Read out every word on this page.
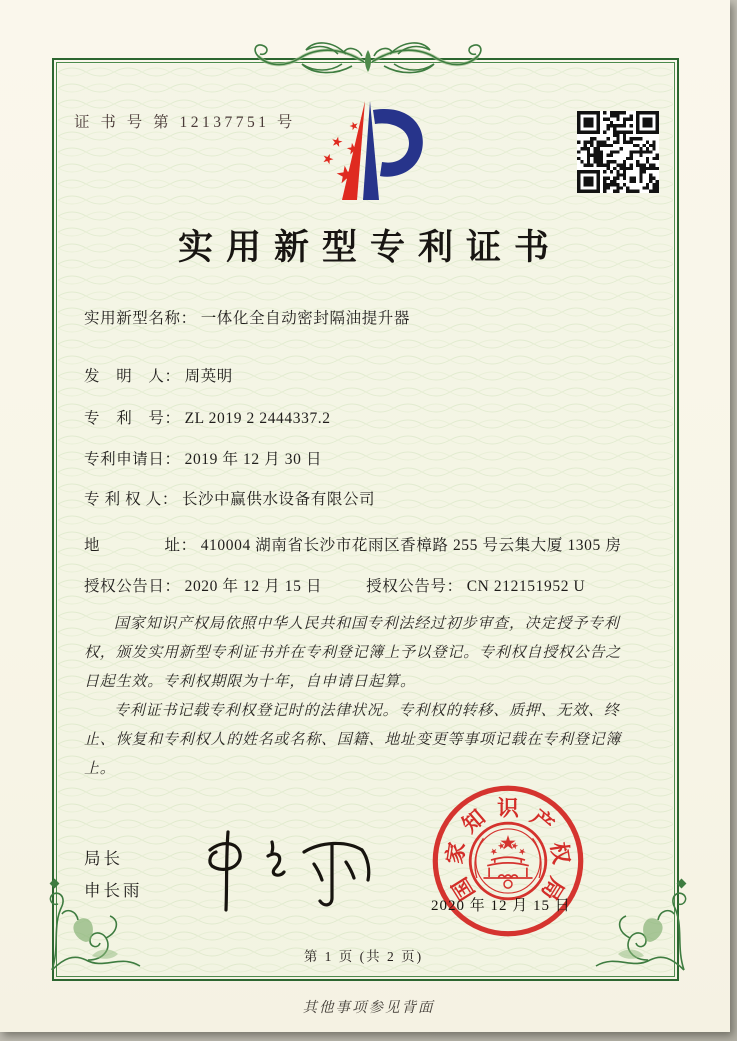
证 书 号 第 12137751 号
实用新型专利证书
实用新型名称： 一体化全自动密封隔油提升器
发　明　人： 周英明
专　利　号： ZL 2019 2 2444337.2
专利申请日： 2019 年 12 月 30 日
专 利 权 人： 长沙中赢供水设备有限公司
地　　　　址： 410004 湖南省长沙市花雨区香樟路 255 号云集大厦 1305 房
授权公告日： 2020 年 12 月 15 日	授权公告号： CN 212151952 U

国家知识产权局依照中华人民共和国专利法经过初步审查，决定授予专利权，颁发实用新型专利证书并在专利登记簿上予以登记。专利权自授权公告之日起生效。专利权期限为十年，自申请日起算。

专利证书记载专利权登记时的法律状况。专利权的转移、质押、无效、终止、恢复和专利权人的姓名或名称、国籍、地址变更等事项记载在专利登记簿上。

局长
申长雨	国
家
知 识 产
权
局
2020 年 12 月 15 日
第 1 页 (共 2 页)
其他事项参见背面
